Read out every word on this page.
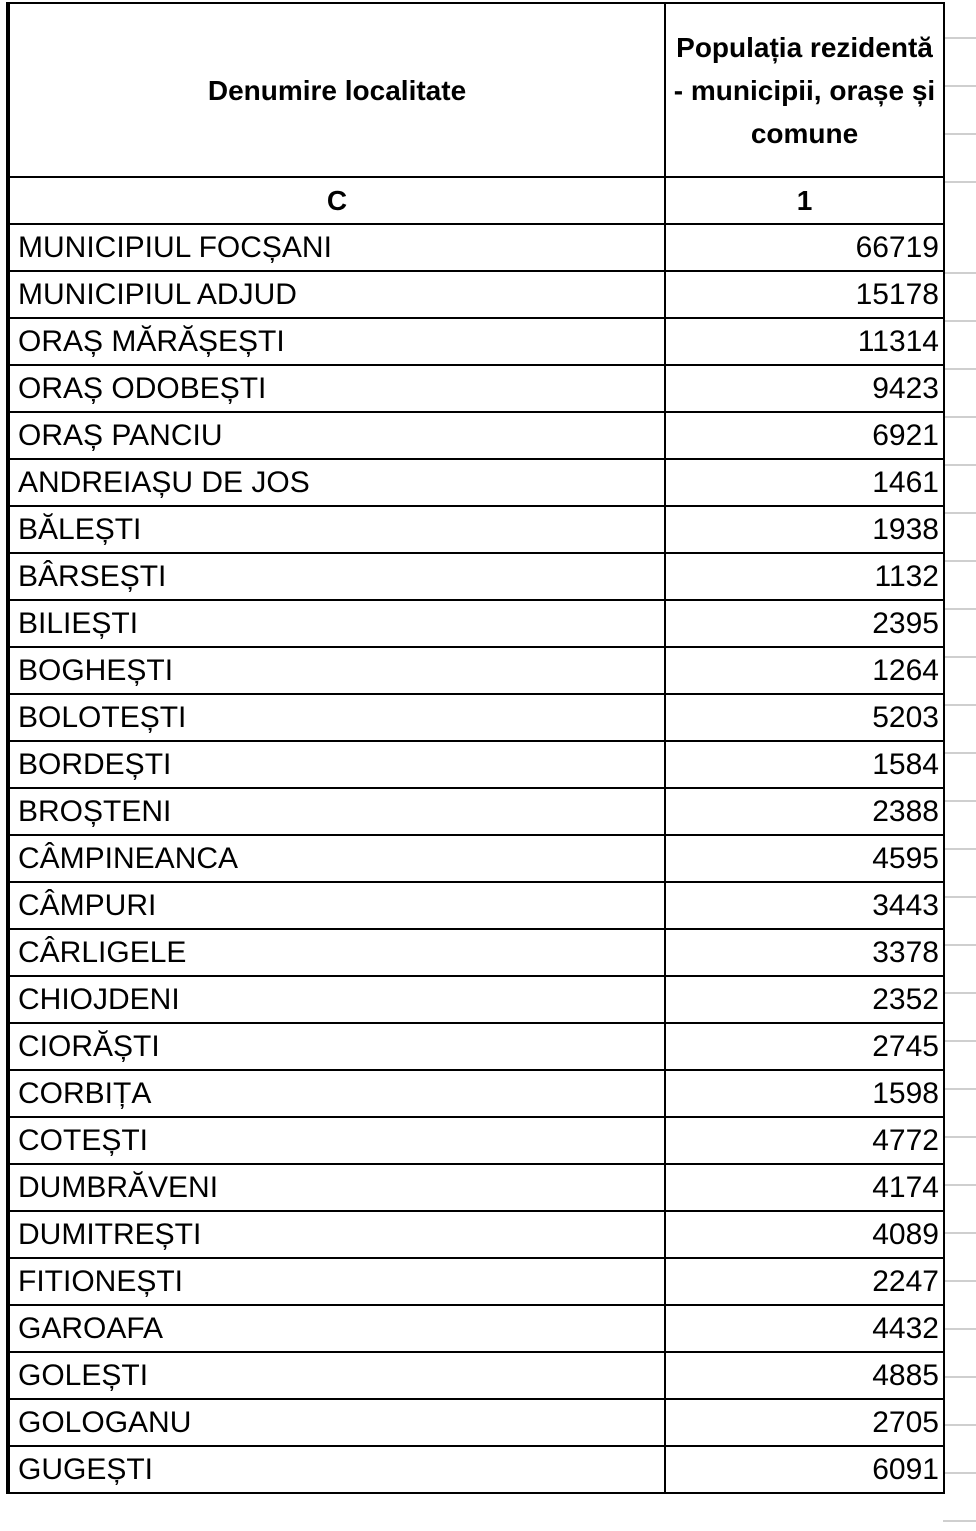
Denumire localitate	Populația rezidentă - municipii, orașe și comune
C	1
MUNICIPIUL FOCȘANI	66719
MUNICIPIUL ADJUD	15178
ORAȘ MĂRĂȘEȘTI	11314
ORAȘ ODOBEȘTI	9423
ORAȘ PANCIU	6921
ANDREIAȘU DE JOS	1461
BĂLEȘTI	1938
BÂRSEȘTI	1132
BILIEȘTI	2395
BOGHEȘTI	1264
BOLOTEȘTI	5203
BORDEȘTI	1584
BROȘTENI	2388
CÂMPINEANCA	4595
CÂMPURI	3443
CÂRLIGELE	3378
CHIOJDENI	2352
CIORĂȘTI	2745
CORBIȚA	1598
COTEȘTI	4772
DUMBRĂVENI	4174
DUMITREȘTI	4089
FITIONEȘTI	2247
GAROAFA	4432
GOLEȘTI	4885
GOLOGANU	2705
GUGEȘTI	6091
